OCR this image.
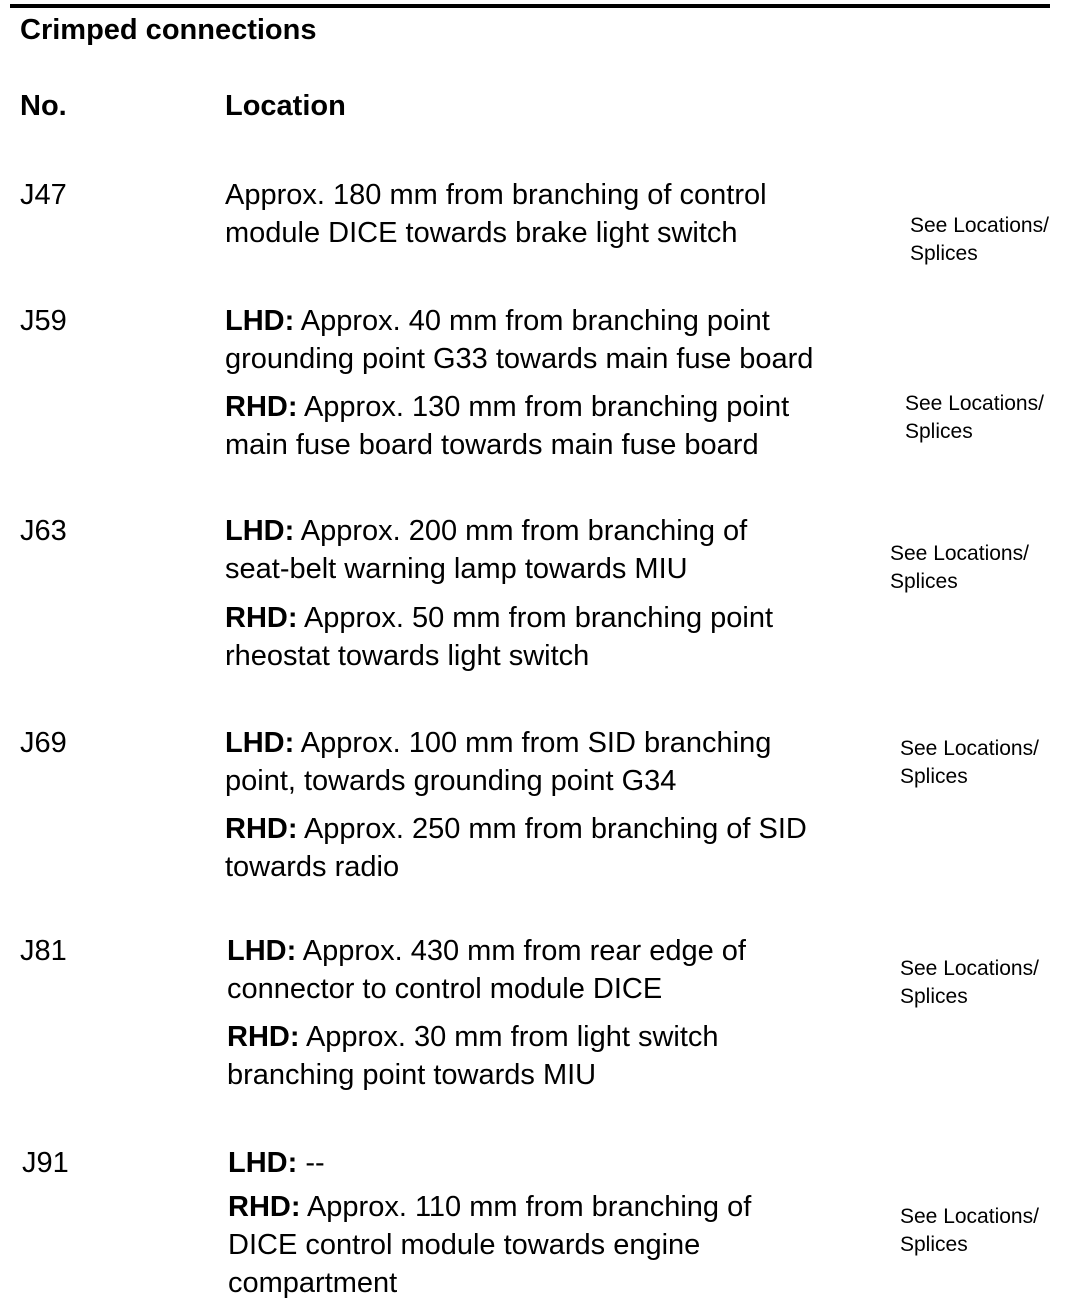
Crimped connections
No.	Location
J47	Approx. 180 mm from branching of control
module DICE towards brake light switch	See Locations/
Splices
J59	LHD: Approx. 40 mm from branching point
grounding point G33 towards main fuse board
RHD: Approx. 130 mm from branching point
main fuse board towards main fuse board
See Locations/
Splices
J63	LHD: Approx. 200 mm from branching of
seat-belt warning lamp towards MIU
RHD: Approx. 50 mm from branching point
rheostat towards light switch
See Locations/
Splices
J69	LHD: Approx. 100 mm from SID branching
point, towards grounding point G34
RHD: Approx. 250 mm from branching of SID
towards radio
See Locations/
Splices
J81	LHD: Approx. 430 mm from rear edge of
connector to control module DICE
RHD: Approx. 30 mm from light switch
branching point towards MIU
See Locations/
Splices
J91	LHD: --
RHD: Approx. 110 mm from branching of
DICE control module towards engine
compartment
See Locations/
Splices
